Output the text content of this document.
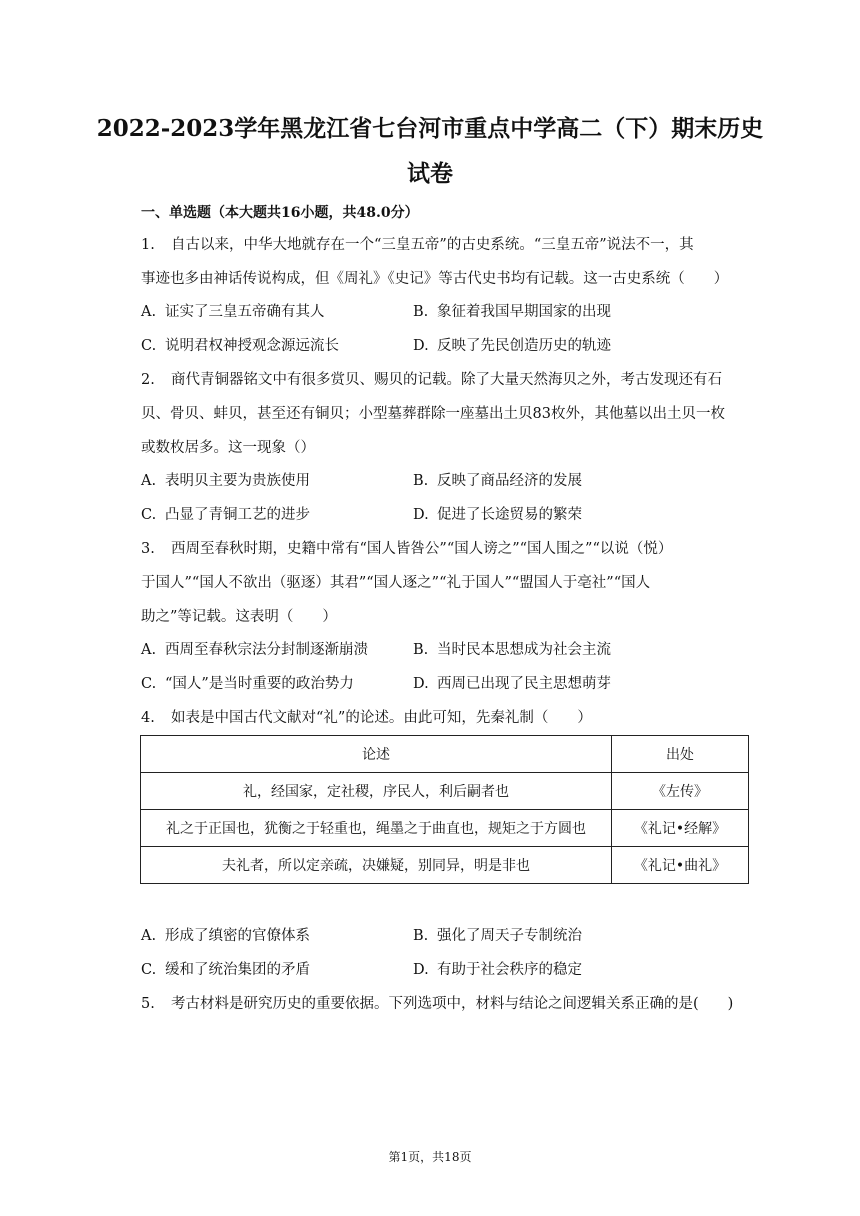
2022-2023学年黑龙江省七台河市重点中学高二（下）期末历史
试卷
一、单选题（本大题共16小题，共48.0分）
1. 自古以来，中华大地就存在一个“三皇五帝”的古史系统。“三皇五帝”说法不一，其
事迹也多由神话传说构成，但《周礼》《史记》等古代史书均有记载。这一古史系统（　　）
A. 证实了三皇五帝确有其人	B. 象征着我国早期国家的出现
C. 说明君权神授观念源远流长	D. 反映了先民创造历史的轨迹
2. 商代青铜器铭文中有很多赏贝、赐贝的记载。除了大量天然海贝之外，考古发现还有石
贝、骨贝、蚌贝，甚至还有铜贝；小型墓葬群除一座墓出土贝83枚外，其他墓以出土贝一枚
或数枚居多。这一现象（）
A. 表明贝主要为贵族使用	B. 反映了商品经济的发展
C. 凸显了青铜工艺的进步	D. 促进了长途贸易的繁荣
3. 西周至春秋时期，史籍中常有“国人皆咎公”“国人谤之”“国人围之”“以说（悦）
于国人”“国人不欲出（驱逐）其君”“国人逐之”“礼于国人”“盟国人于亳社”“国人
助之”等记载。这表明（　　）
A. 西周至春秋宗法分封制逐渐崩溃	B. 当时民本思想成为社会主流
C. “国人”是当时重要的政治势力	D. 西周已出现了民主思想萌芽
4. 如表是中国古代文献对“礼”的论述。由此可知，先秦礼制（　　）
论述	出处
礼，经国家，定社稷，序民人，利后嗣者也	《左传》
礼之于正国也，犹衡之于轻重也，绳墨之于曲直也，规矩之于方圆也	《礼记•经解》
夫礼者，所以定亲疏，决嫌疑，别同异，明是非也	《礼记•曲礼》
A. 形成了缜密的官僚体系	B. 强化了周天子专制统治
C. 缓和了统治集团的矛盾	D. 有助于社会秩序的稳定
5. 考古材料是研究历史的重要依据。下列选项中，材料与结论之间逻辑关系正确的是(　　)
第1页，共18页
